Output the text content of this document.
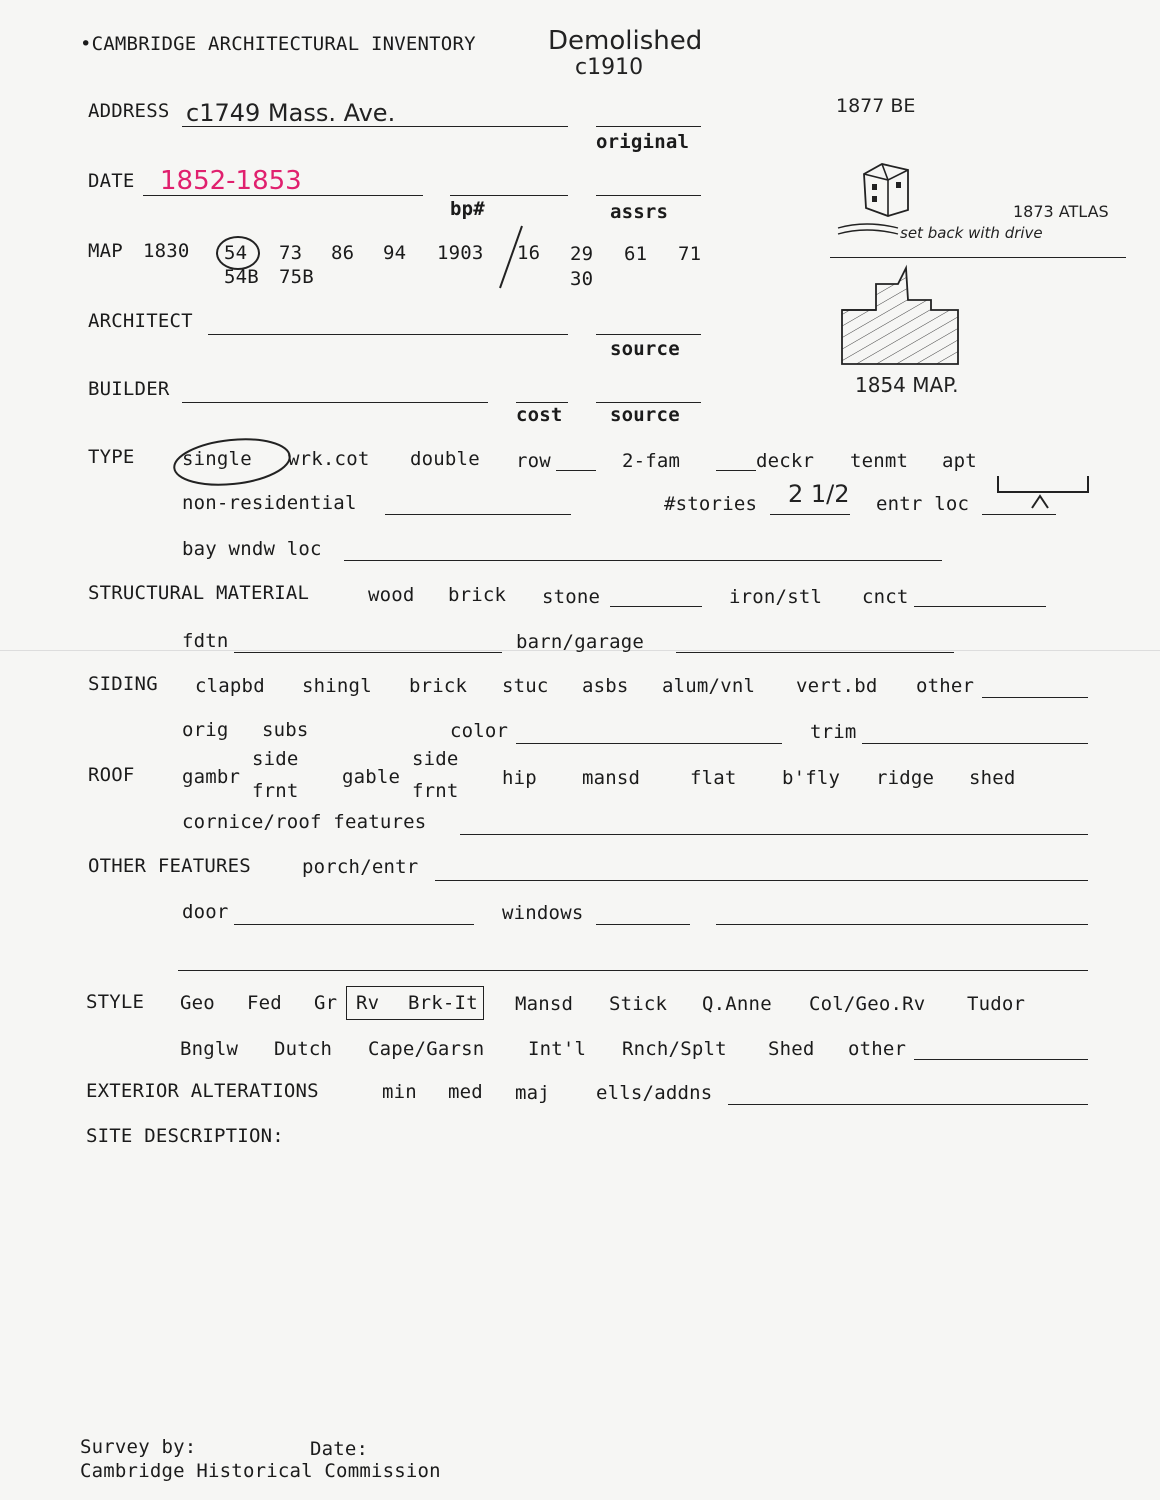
•CAMBRIDGE ARCHITECTURAL INVENTORY	Demolished
c1910
1877 BE
ADDRESS c1749 Mass. Ave.
original
DATE 1852-1853
bp#	assrs	1873 ATLAS
set back with drive
MAP 1830 54 73 86 94 1903 16 29 61 71
54B 75B	30
1854 MAP.
ARCHITECT
source
BUILDER
cost source
TYPE single wrk.cot double row	2-fam	deckr tenmt apt
non-residential	#stories 2 1/2 entr loc
bay wndw loc
STRUCTURAL MATERIAL	wood brick stone	iron/stl cnct
fdtn	barn/garage
SIDING clapbd shingl brick stuc asbs alum/vnl vert.bd other
orig subs	color	trim
ROOF gambr
side
frnt
gable
side
frnt
hip mansd	flat b'fly ridge shed
cornice/roof features
OTHER FEATURES	porch/entr
door	windows
STYLE Geo Fed Gr Rv Brk-It Mansd Stick Q.Anne Col/Geo.Rv Tudor
Bnglw Dutch Cape/Garsn Int'l Rnch/Splt Shed other
EXTERIOR ALTERATIONS	min med maj ells/addns
SITE DESCRIPTION:
Survey by:	Date:
Cambridge Historical Commission
